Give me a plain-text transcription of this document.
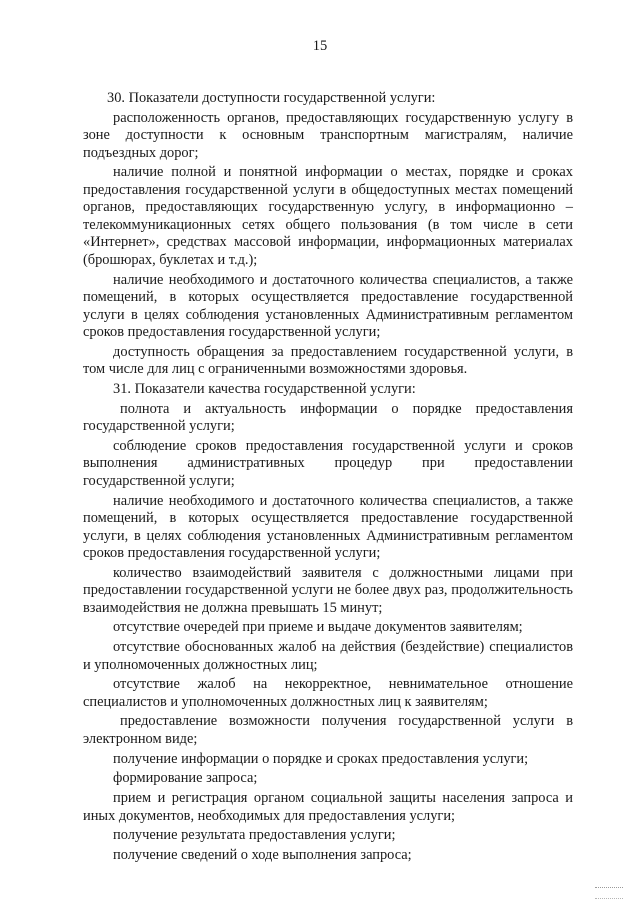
15

30. Показатели доступности государственной услуги:

расположенность органов, предоставляющих государственную услугу в зоне доступности к основным транспортным магистралям, наличие подъездных дорог;

наличие полной и понятной информации о местах, порядке и сроках предоставления государственной услуги в общедоступных местах помещений органов, предоставляющих государственную услугу, в информационно – телекоммуникационных сетях общего пользования (в том числе в сети «Интернет», средствах массовой информации, информационных материалах (брошюрах, буклетах и т.д.);

наличие необходимого и достаточного количества специалистов, а также помещений, в которых осуществляется предоставление государственной услуги в целях соблюдения установленных Административным регламентом сроков предоставления государственной услуги;

доступность обращения за предоставлением государственной услуги, в том числе для лиц с ограниченными возможностями здоровья.

31. Показатели качества государственной услуги:

полнота и актуальность информации о порядке предоставления государственной услуги;

соблюдение сроков предоставления государственной услуги и сроков выполнения административных процедур при предоставлении государственной услуги;

наличие необходимого и достаточного количества специалистов, а также помещений, в которых осуществляется предоставление государственной услуги, в целях соблюдения установленных Административным регламентом сроков предоставления государственной услуги;

количество взаимодействий заявителя с должностными лицами при предоставлении государственной услуги не более двух раз, продолжительность взаимодействия не должна превышать 15 минут;

отсутствие очередей при приеме и выдаче документов заявителям;

отсутствие обоснованных жалоб на действия (бездействие) специалистов и уполномоченных должностных лиц;

отсутствие жалоб на некорректное, невнимательное отношение специалистов и уполномоченных должностных лиц к заявителям;

предоставление возможности получения государственной услуги в электронном виде;

получение информации о порядке и сроках предоставления услуги;

формирование запроса;

прием и регистрация органом социальной защиты населения запроса и иных документов, необходимых для предоставления услуги;

получение результата предоставления услуги;

получение сведений о ходе выполнения запроса;
